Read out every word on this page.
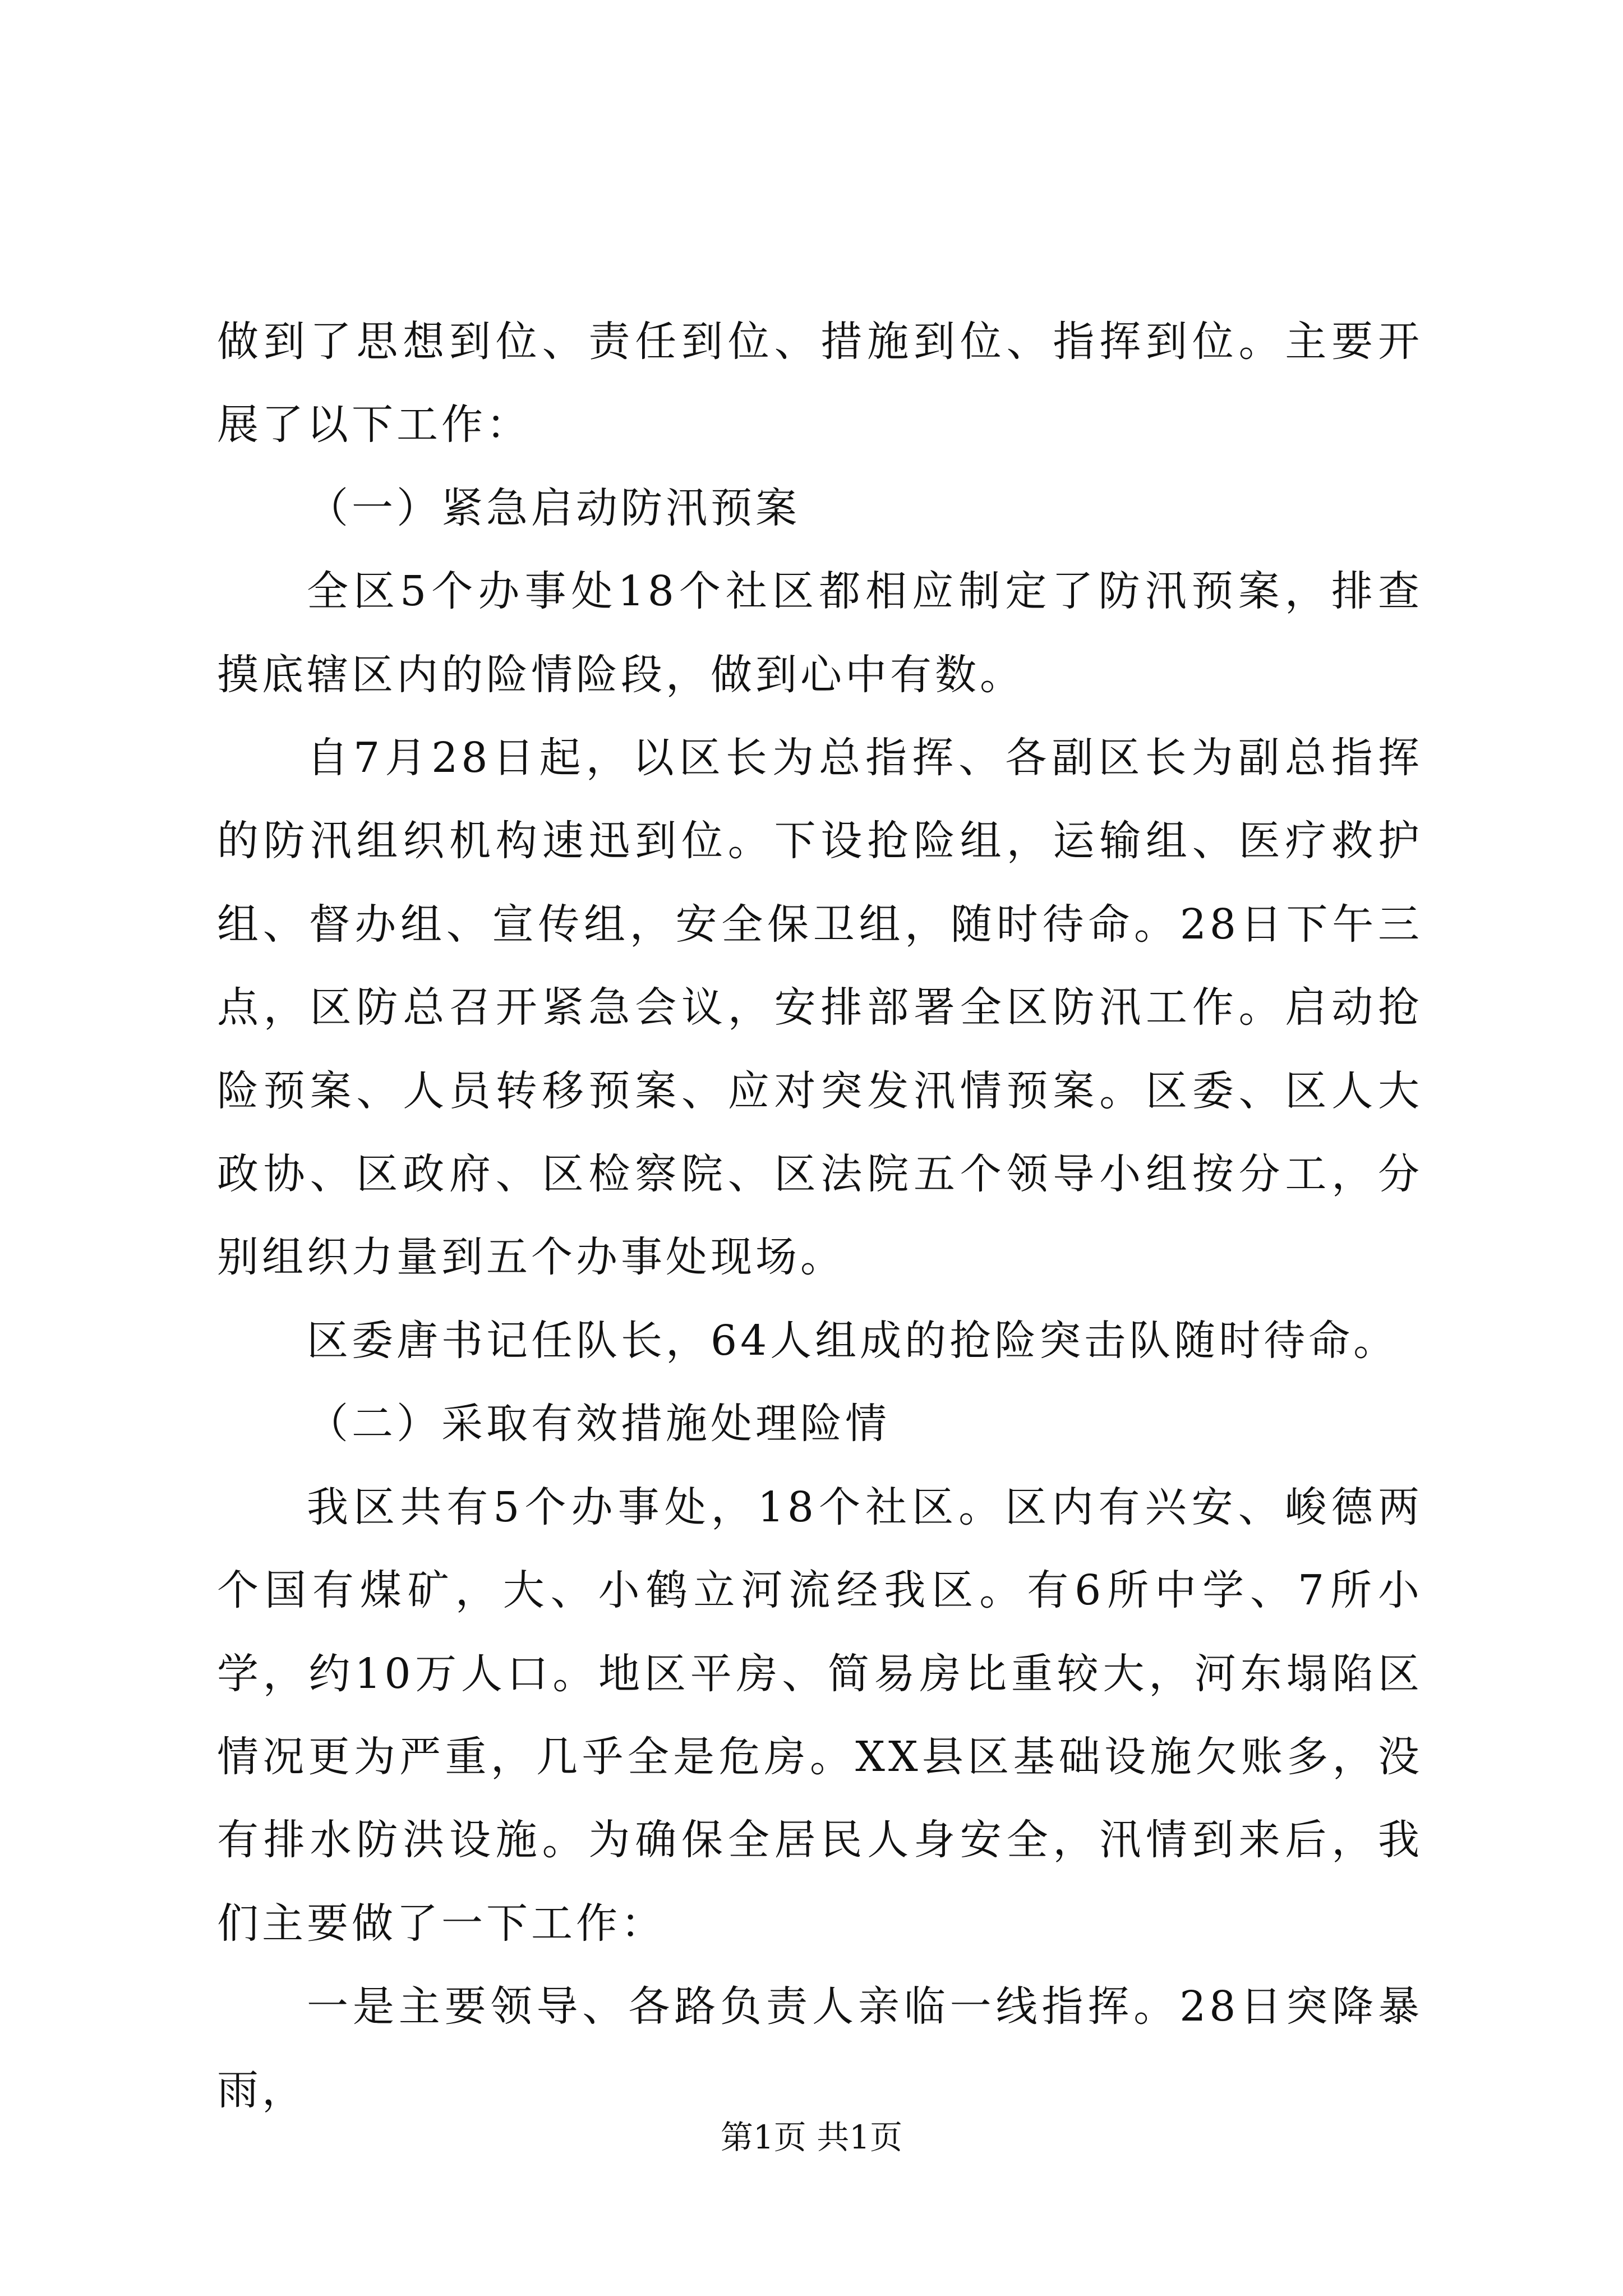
做到了思想到位、责任到位、措施到位、指挥到位。主要开展了以下工作：

（一）紧急启动防汛预案

全区5个办事处18个社区都相应制定了防汛预案，排查摸底辖区内的险情险段，做到心中有数。

自7月28日起，以区长为总指挥、各副区长为副总指挥的防汛组织机构速迅到位。下设抢险组，运输组、医疗救护组、督办组、宣传组，安全保卫组，随时待命。28日下午三点，区防总召开紧急会议，安排部署全区防汛工作。启动抢险预案、人员转移预案、应对突发汛情预案。区委、区人大政协、区政府、区检察院、区法院五个领导小组按分工，分别组织力量到五个办事处现场。

区委唐书记任队长，64人组成的抢险突击队随时待命。

（二）采取有效措施处理险情

我区共有5个办事处，18个社区。区内有兴安、峻德两个国有煤矿，大、小鹤立河流经我区。有6所中学、7所小学，约10万人口。地区平房、简易房比重较大，河东塌陷区情况更为严重，几乎全是危房。XX县区基础设施欠账多，没有排水防洪设施。为确保全居民人身安全，汛情到来后，我们主要做了一下工作：

一是主要领导、各路负责人亲临一线指挥。28日突降暴雨，

第1页 共1页
